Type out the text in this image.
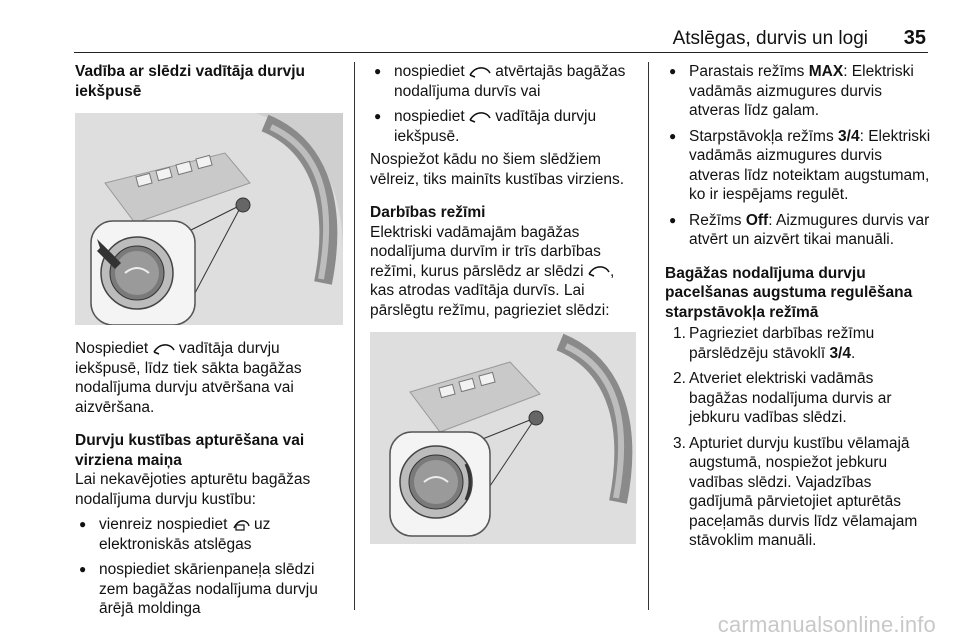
Atslēgas, durvis un logi 35

Vadība ar slēdzi vadītāja durvju iekšpusē

Nospiediet  vadītāja durvju iekšpusē, līdz tiek sākta bagāžas nodalījuma durvju atvēršana vai aizvēršana.

Durvju kustības apturēšana vai virziena maiņa

Lai nekavējoties apturētu bagāžas nodalījuma durvju kustību:

● vienreiz nospiediet  uz elektroniskās atslēgas
● nospiediet skārienpaneļa slēdzi zem bagāžas nodalījuma durvju ārējā moldinga
● nospiediet  atvērtajās bagāžas nodalījuma durvīs vai
● nospiediet  vadītāja durvju iekšpusē.

Nospiežot kādu no šiem slēdžiem vēlreiz, tiks mainīts kustības virziens.

Darbības režīmi

Elektriski vadāmajām bagāžas nodalījuma durvīm ir trīs darbības režīmi, kurus pārslēdz ar slēdzi , kas atrodas vadītāja durvīs. Lai pārslēgtu režīmu, pagrieziet slēdzi:

● Parastais režīms MAX: Elektriski vadāmās aizmugures durvis atveras līdz galam.
● Starpstāvokļa režīms 3/4: Elektriski vadāmās aizmugures durvis atveras līdz noteiktam augstumam, ko ir iespējams regulēt.
● Režīms Off: Aizmugures durvis var atvērt un aizvērt tikai manuāli.

Bagāžas nodalījuma durvju pacelšanas augstuma regulēšana starpstāvokļa režīmā

1. Pagrieziet darbības režīmu pārslēdzēju stāvoklī 3/4.
2. Atveriet elektriski vadāmās bagāžas nodalījuma durvis ar jebkuru vadības slēdzi.
3. Apturiet durvju kustību vēlamajā augstumā, nospiežot jebkuru vadības slēdzi. Vajadzības gadījumā pārvietojiet apturētās paceļamās durvis līdz vēlamajam stāvoklim manuāli.
carmanualsonline.info
